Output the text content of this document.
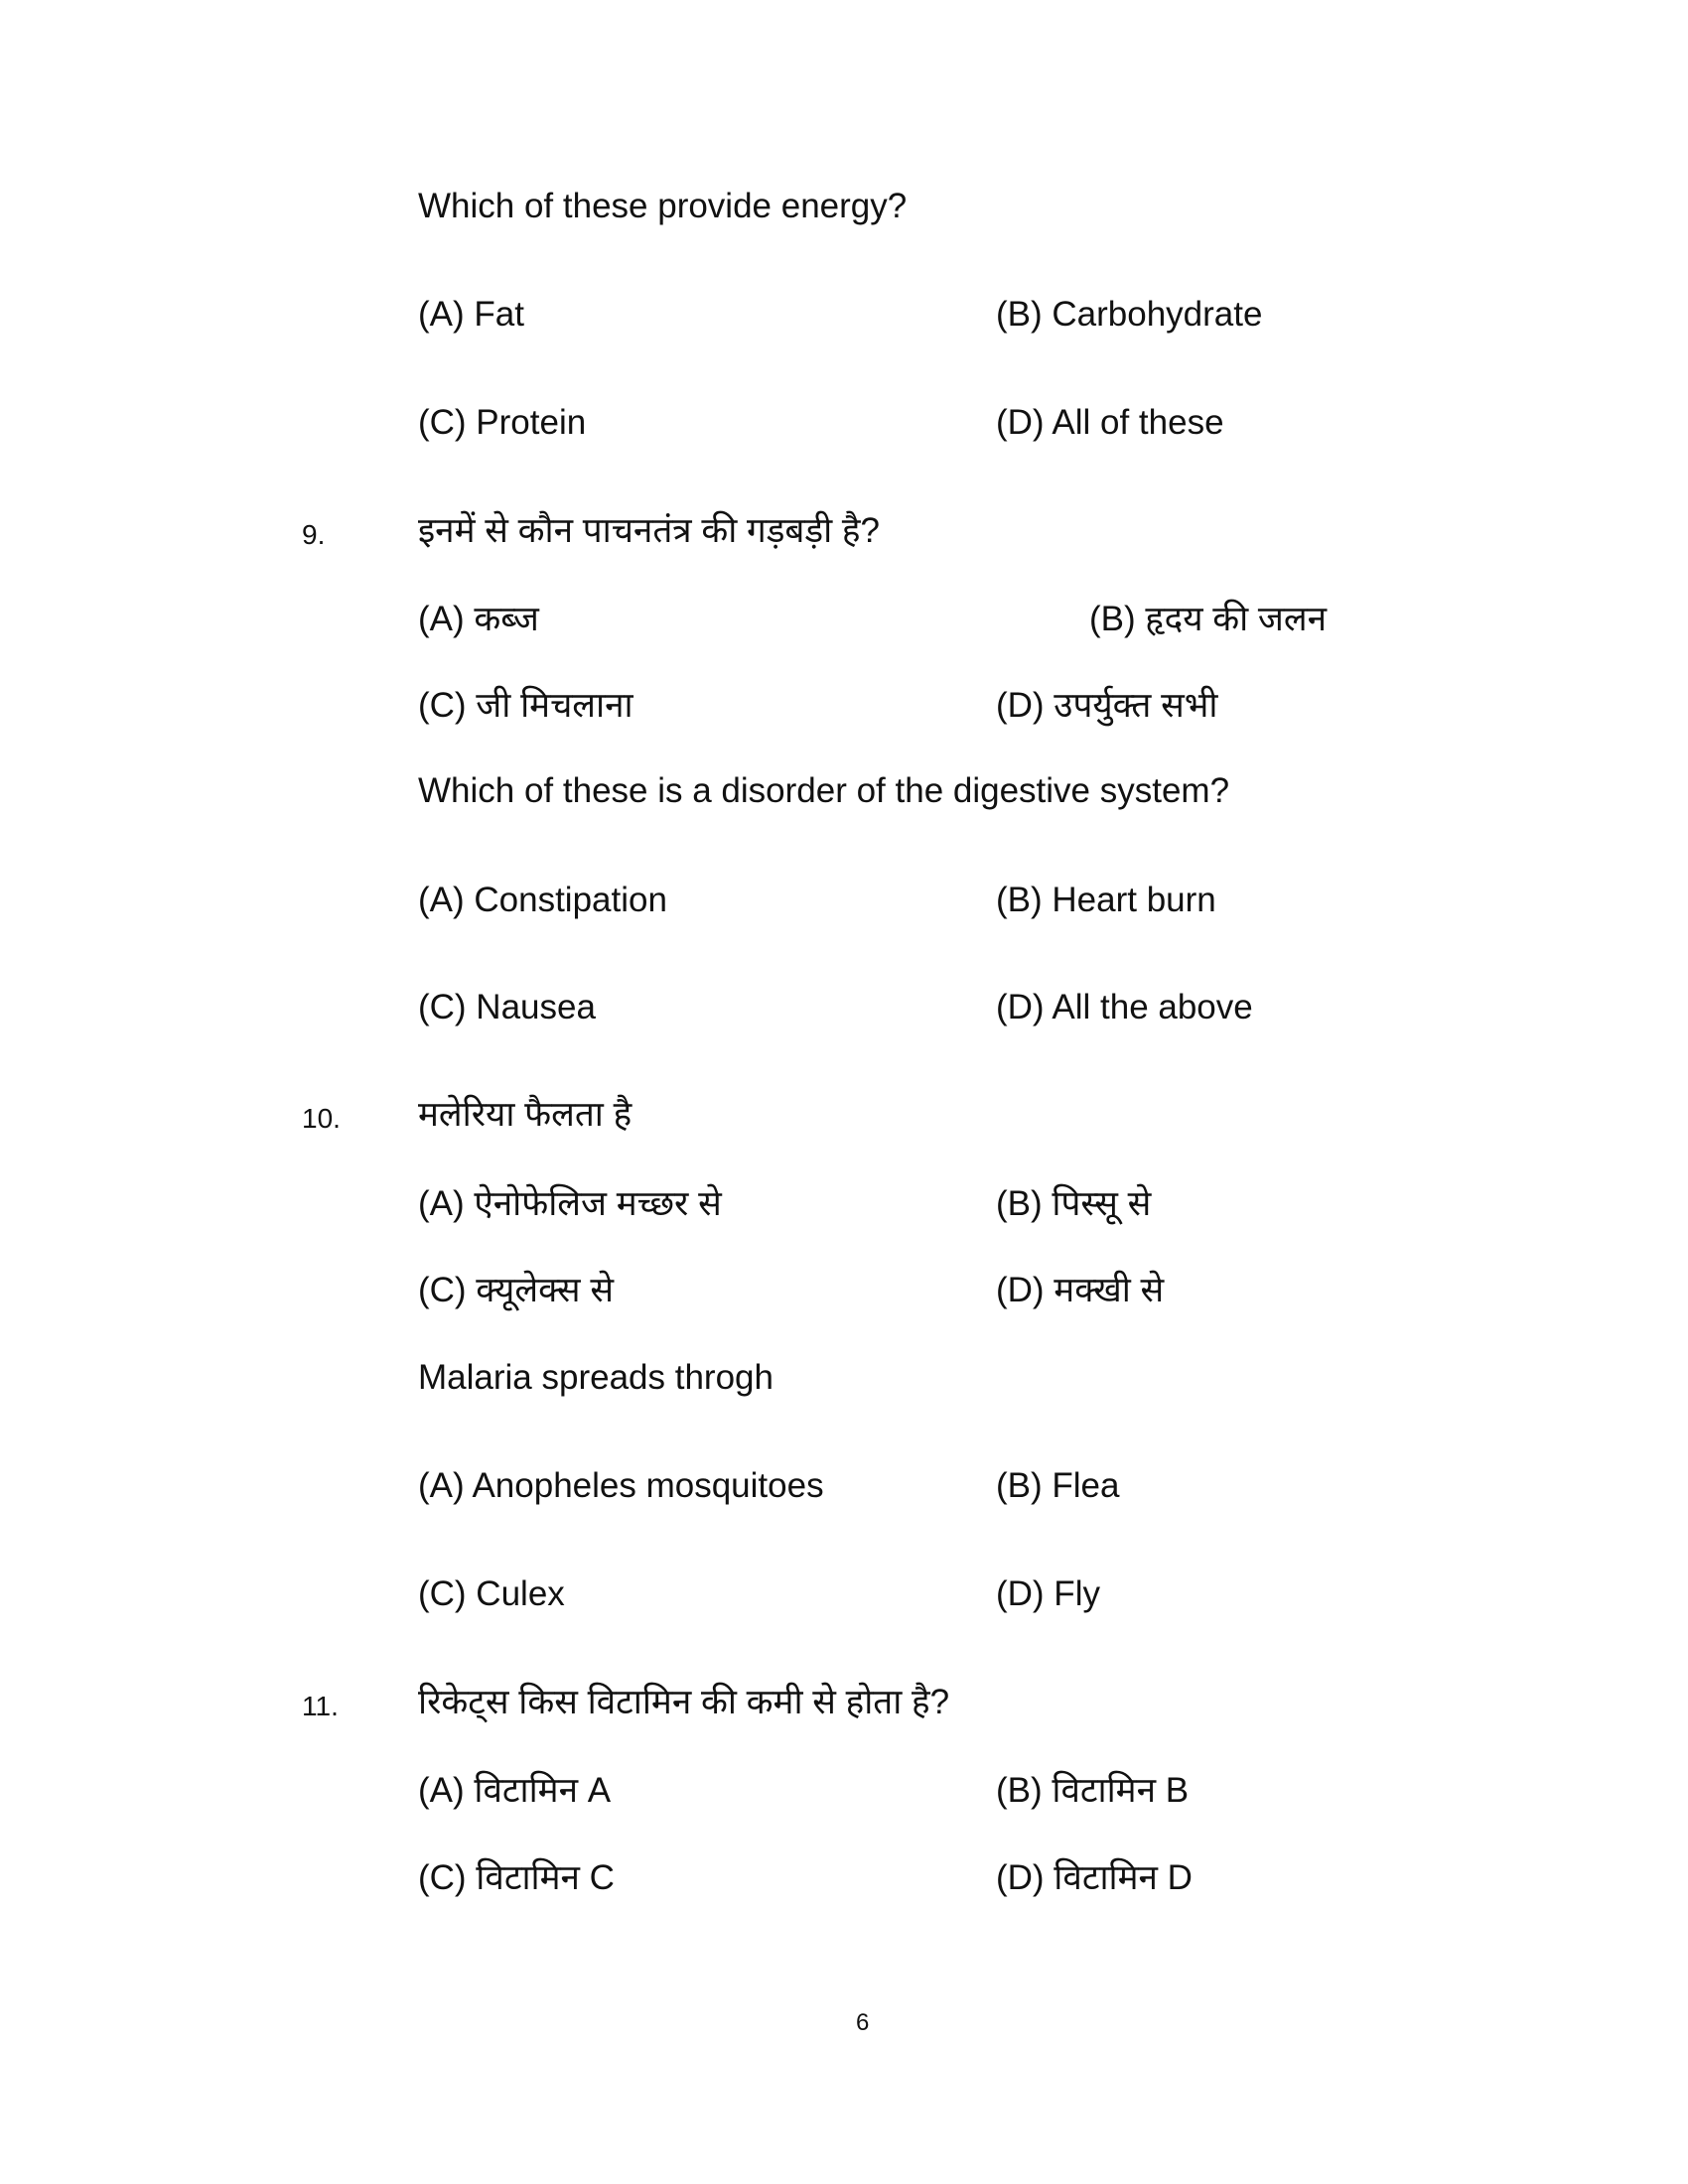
Which of these provide energy?
(A) Fat	(B) Carbohydrate
(C) Protein	(D) All of these
9.	इनमें से कौन पाचनतंत्र की गड़बड़ी है?
(A) कब्ज	(B) हृदय की जलन
(C) जी मिचलाना	(D) उपर्युक्त सभी
Which of these is a disorder of the digestive system?
(A) Constipation	(B) Heart burn
(C) Nausea	(D) All the above
10. मलेरिया फैलता है
(A) ऐनोफेलिज मच्छर से	(B) पिस्सू से
(C) क्यूलेक्स से	(D) मक्खी से
Malaria spreads throgh
(A) Anopheles mosquitoes	(B) Flea
(C) Culex	(D) Fly
11. रिकेट्स किस विटामिन की कमी से होता है?
(A) विटामिन A	(B) विटामिन B
(C) विटामिन C	(D) विटामिन D
6
